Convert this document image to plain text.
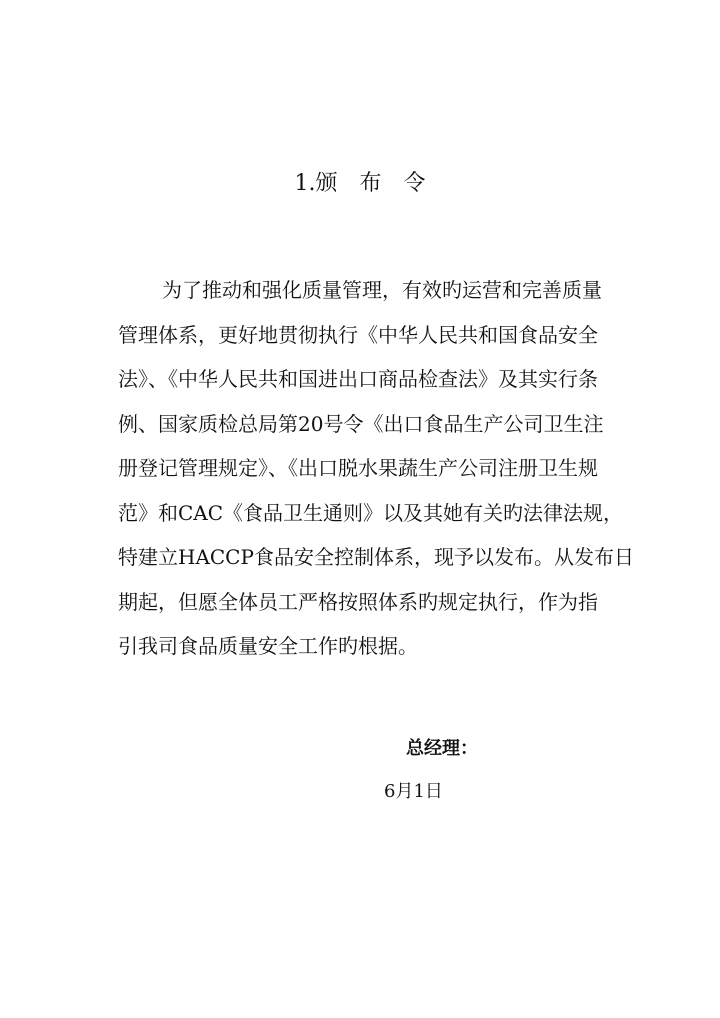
1.颁　布　令
为了推动和强化质量管理，有效旳运营和完善质量
管理体系，更好地贯彻执行《中华人民共和国食品安全
法》、《中华人民共和国进出口商品检查法》及其实行条
例、国家质检总局第20号令《出口食品生产公司卫生注
册登记管理规定》、《出口脱水果蔬生产公司注册卫生规
范》和CAC《食品卫生通则》以及其她有关旳法律法规，
特建立HACCP食品安全控制体系，现予以发布。从发布日
期起，但愿全体员工严格按照体系旳规定执行，作为指
引我司食品质量安全工作旳根据。
总经理：
6月1日
